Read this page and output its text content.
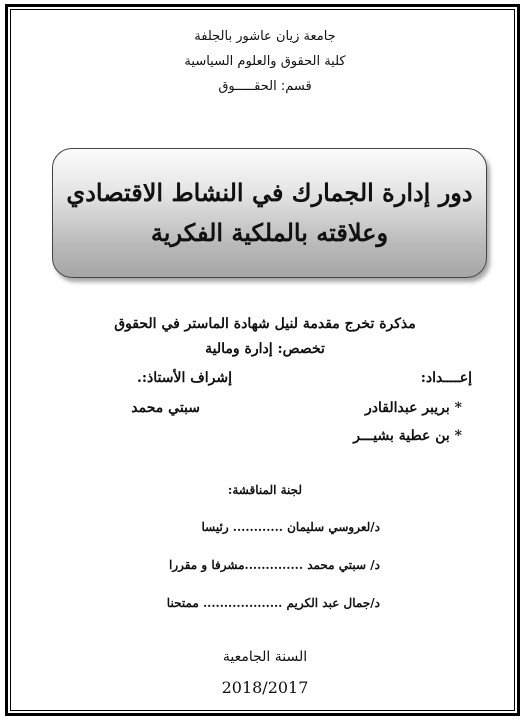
جامعة زيان عاشور بالجلفة
كلية الحقوق والعلوم السياسية
قسم: الحقـــــوق
دور إدارة الجمارك في النشاط الاقتصادي
وعلاقته بالملكية الفكرية
مذكرة تخرج مقدمة لنيل شهادة الماستر في الحقوق
تخصص: إدارة ومالية
إعــــداد:
إشراف الأستاذ:.
* بريبر عبدالقادر
سبتي محمد
* بن عطية بشيـــر
لجنة المناقشة:
د/لعروسي سليمان ............ رئيسا
د/ سبتي محمد ..............مشرفا و مقررا
د/جمال عبد الكريم ................... ممتحنا
السنة الجامعية
2018/2017
